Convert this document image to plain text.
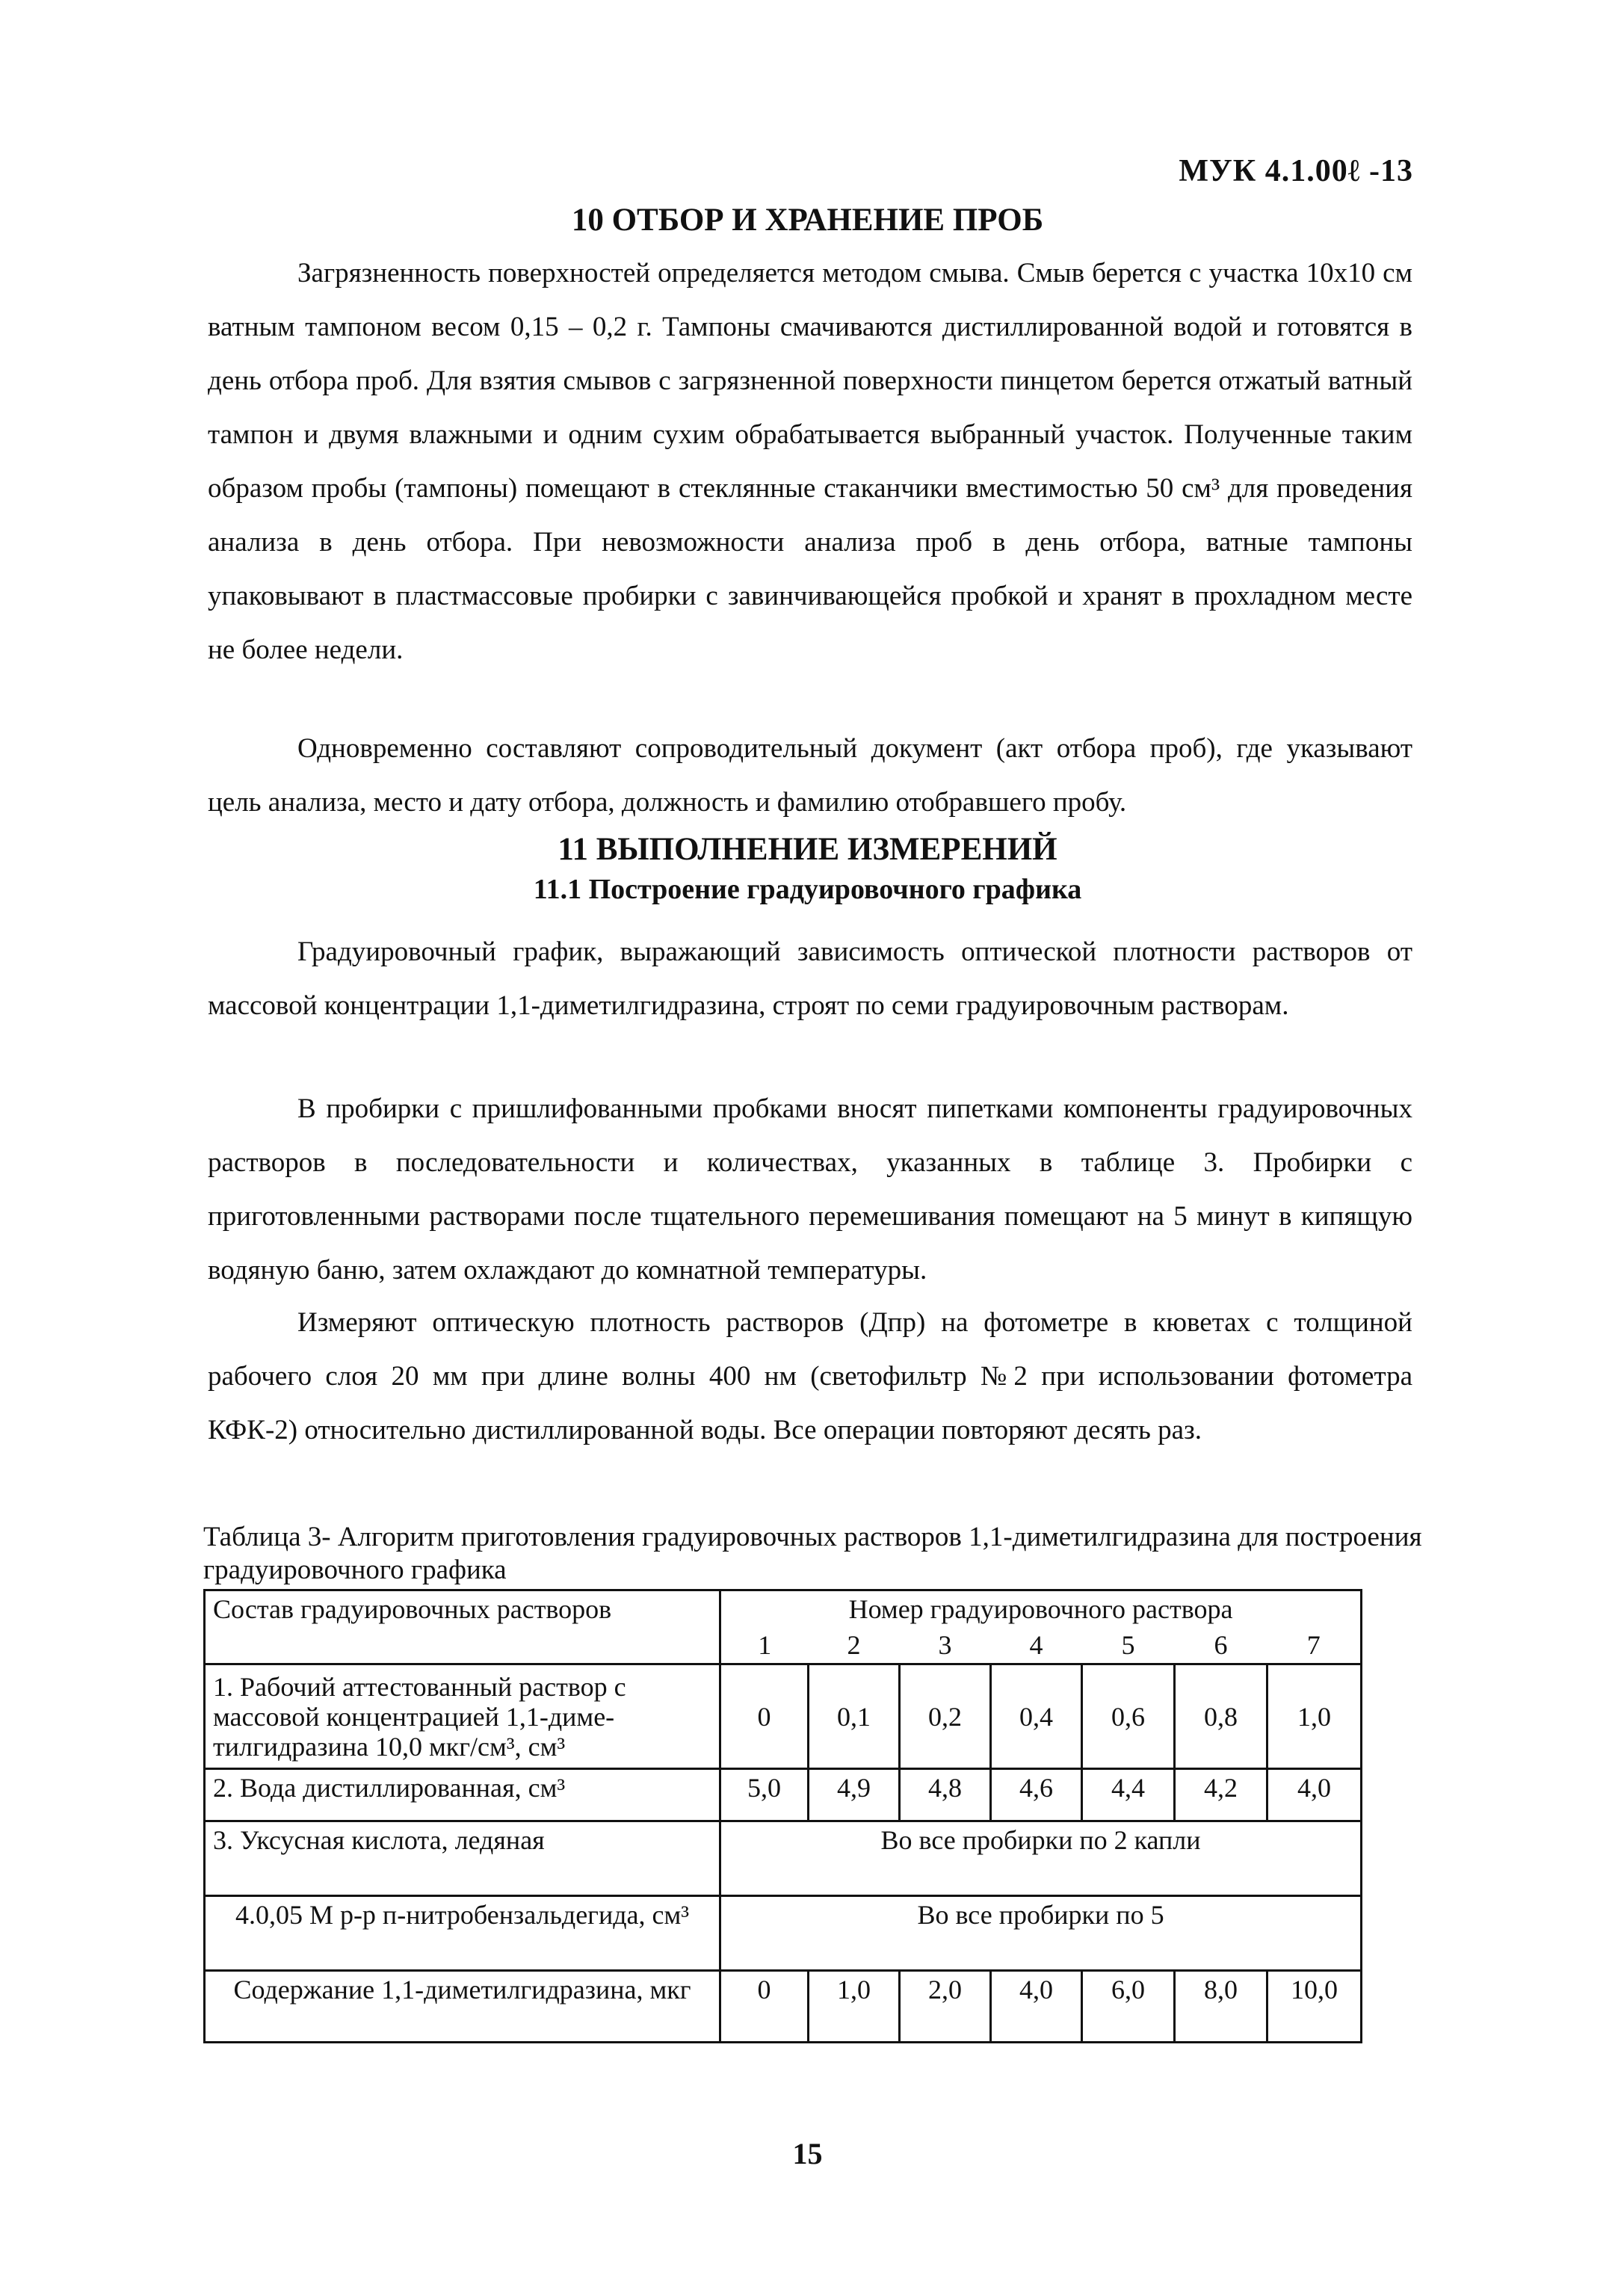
МУК 4.1.00ℓ -13
10 ОТБОР И ХРАНЕНИЕ ПРОБ

Загрязненность поверхностей определяется методом смыва. Смыв берется с участка 10x10 см ватным тампоном весом 0,15 – 0,2 г. Тампоны смачиваются дистиллированной водой и готовятся в день отбора проб. Для взятия смывов с загрязненной поверхности пинцетом берется отжатый ватный тампон и двумя влажными и одним сухим обрабатывается выбранный участок. Полученные таким образом пробы (тампоны) помещают в стеклянные стаканчики вместимостью 50 см³ для проведения анализа в день отбора. При невозможности анализа проб в день отбора, ватные тампоны упаковывают в пластмассовые пробирки с завинчивающейся пробкой и хранят в прохладном месте не более недели.

Одновременно составляют сопроводительный документ (акт отбора проб), где указывают цель анализа, место и дату отбора, должность и фамилию отобравшего пробу.

11 ВЫПОЛНЕНИЕ ИЗМЕРЕНИЙ
11.1 Построение градуировочного графика

Градуировочный график, выражающий зависимость оптической плотности растворов от массовой концентрации 1,1-диметилгидразина, строят по семи градуировочным растворам.

В пробирки с пришлифованными пробками вносят пипетками компоненты градуировочных растворов в последовательности и количествах, указанных в таблице 3. Пробирки с приготовленными растворами после тщательного перемешивания помещают на 5 минут в кипящую водяную баню, затем охлаждают до комнатной температуры.

Измеряют оптическую плотность растворов (Дпр) на фотометре в кюветах с толщиной рабочего слоя 20 мм при длине волны 400 нм (светофильтр №2 при использовании фотометра КФК-2) относительно дистиллированной воды. Все операции повторяют десять раз.

Таблица 3- Алгоритм приготовления градуировочных растворов 1,1-диметилгидразина для построения градуировочного графика

Состав градуировочных растворов	Номер градуировочного раствора						
	1	2	3	4	5	6	7
1. Рабочий аттестованный раствор с массовой концентрацией 1,1-диме-тилгидразина 10,0 мкг/см³, см³	0	0,1	0,2	0,4	0,6	0,8	1,0
2. Вода дистиллированная, см³	5,0	4,9	4,8	4,6	4,4	4,2	4,0
3. Уксусная кислота, ледяная	Во все пробирки по 2 капли						
4.0,05 М р-р п-нитробензальдегида, см³	Во все пробирки по 5						
Содержание 1,1-диметилгидразина, мкг	0	1,0	2,0	4,0	6,0	8,0	10,0
15
